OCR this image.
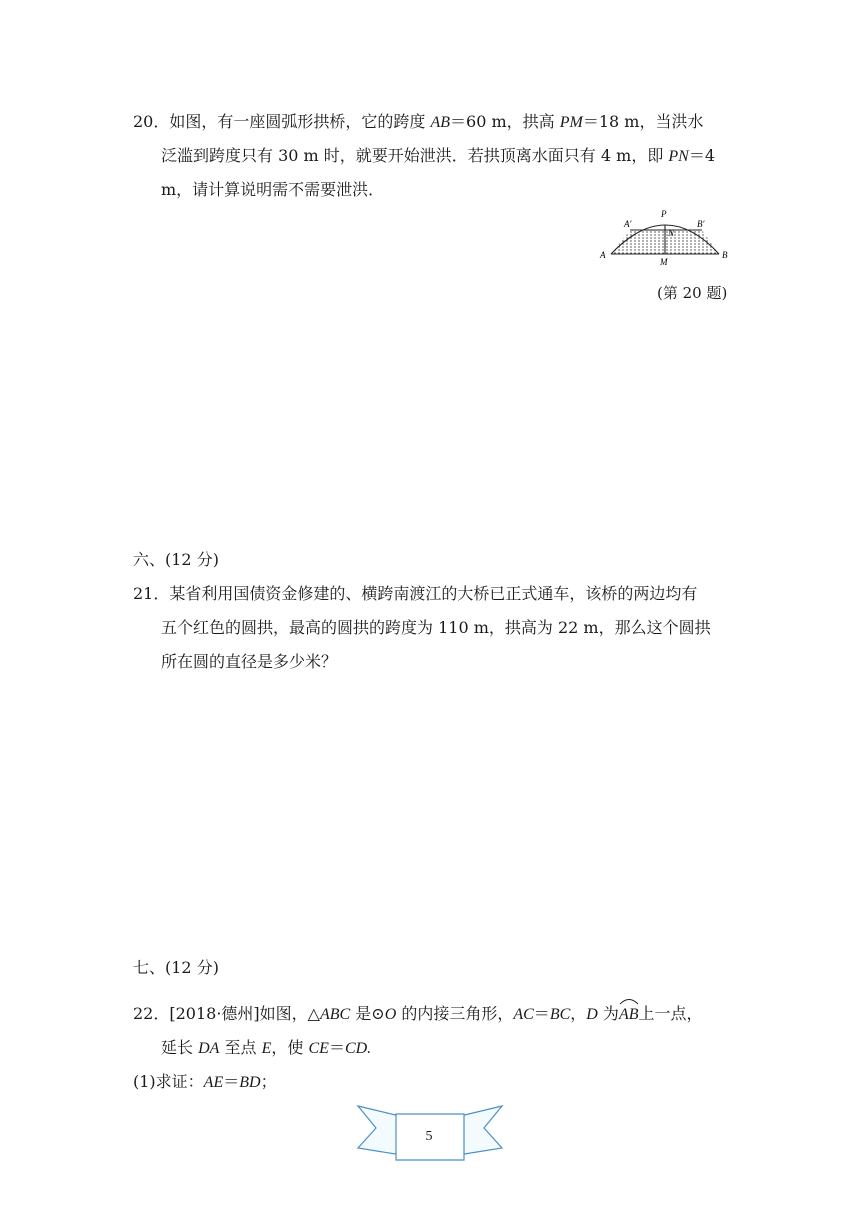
20．如图，有一座圆弧形拱桥，它的跨度 AB＝60 m，拱高 PM＝18 m，当洪水
泛滥到跨度只有 30 m 时，就要开始泄洪．若拱顶离水面只有 4 m，即 PN＝4
m，请计算说明需不需要泄洪．
A	B
A′	B′
P
N
M
(第 20 题)
六、(12 分)
21．某省利用国债资金修建的、横跨南渡江的大桥已正式通车，该桥的两边均有
五个红色的圆拱，最高的圆拱的跨度为 110 m，拱高为 22 m，那么这个圆拱
所在圆的直径是多少米？
七、(12 分)
22．[2018·德州]如图，△ABC 是⊙O 的内接三角形，AC＝BC，D 为
AB上一点，
延长 DA 至点 E，使 CE＝CD.
(1)求证：AE＝BD；
5
